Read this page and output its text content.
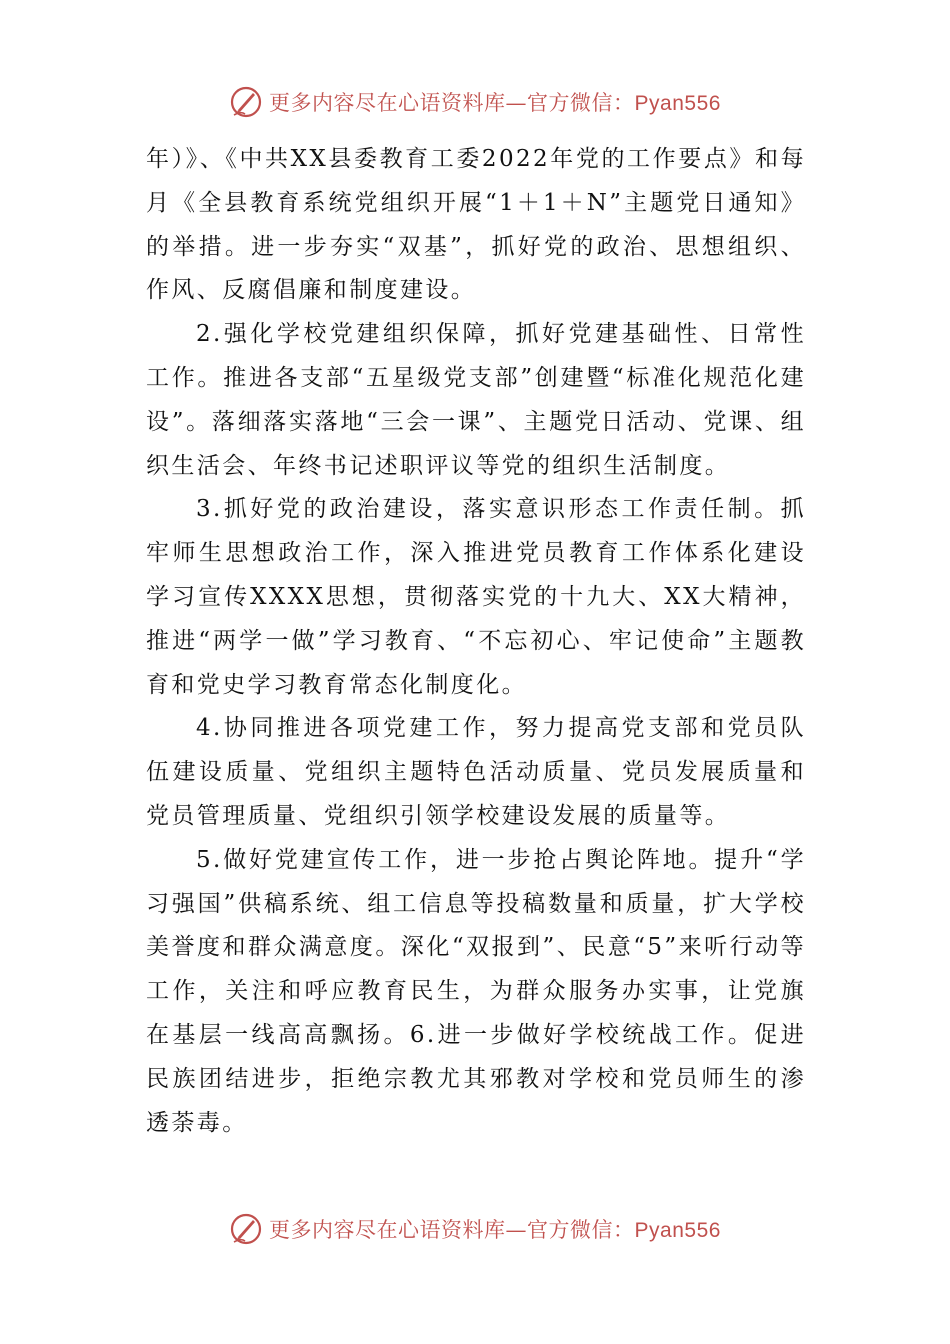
更多内容尽在心语资料库—官方微信：Pyan556

年）》、《中共XX县委教育工委2022年党的工作要点》和每月《全县教育系统党组织开展“1＋1＋N”主题党日通知》的举措。进一步夯实“双基”，抓好党的政治、思想组织、作风、反腐倡廉和制度建设。

2.强化学校党建组织保障，抓好党建基础性、日常性工作。推进各支部“五星级党支部”创建暨“标准化规范化建设”。落细落实落地“三会一课”、主题党日活动、党课、组织生活会、年终书记述职评议等党的组织生活制度。

3.抓好党的政治建设，落实意识形态工作责任制。抓牢师生思想政治工作，深入推进党员教育工作体系化建设学习宣传XXXX思想，贯彻落实党的十九大、XX大精神，推进“两学一做”学习教育、“不忘初心、牢记使命”主题教育和党史学习教育常态化制度化。

4.协同推进各项党建工作，努力提高党支部和党员队伍建设质量、党组织主题特色活动质量、党员发展质量和党员管理质量、党组织引领学校建设发展的质量等。

5.做好党建宣传工作，进一步抢占舆论阵地。提升“学习强国”供稿系统、组工信息等投稿数量和质量，扩大学校美誉度和群众满意度。深化“双报到”、民意“5”来听行动等工作，关注和呼应教育民生，为群众服务办实事，让党旗在基层一线高高飘扬。6.进一步做好学校统战工作。促进民族团结进步，拒绝宗教尤其邪教对学校和党员师生的渗透荼毒。

更多内容尽在心语资料库—官方微信：Pyan556
